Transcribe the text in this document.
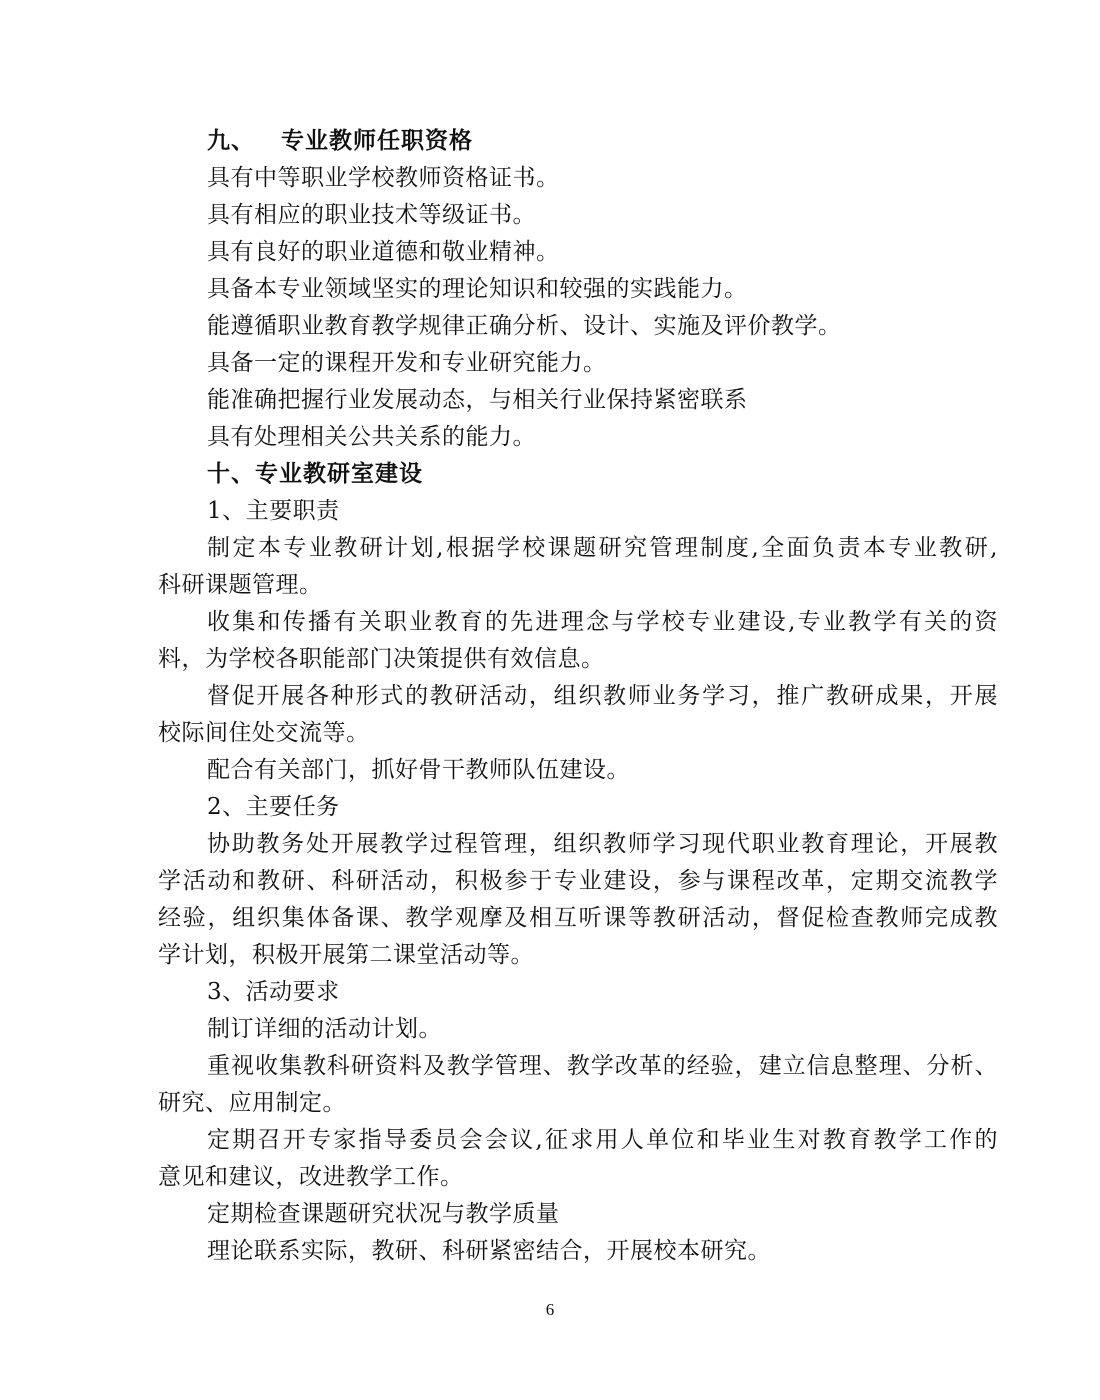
九、 专业教师任职资格
具有中等职业学校教师资格证书。
具有相应的职业技术等级证书。
具有良好的职业道德和敬业精神。
具备本专业领域坚实的理论知识和较强的实践能力。
能遵循职业教育教学规律正确分析、设计、实施及评价教学。
具备一定的课程开发和专业研究能力。
能准确把握行业发展动态，与相关行业保持紧密联系
具有处理相关公共关系的能力。
十、专业教研室建设
1、主要职责
制定本专业教研计划,根据学校课题研究管理制度,全面负责本专业教研,
科研课题管理。
收集和传播有关职业教育的先进理念与学校专业建设,专业教学有关的资
料，为学校各职能部门决策提供有效信息。
督促开展各种形式的教研活动，组织教师业务学习，推广教研成果，开展
校际间住处交流等。
配合有关部门，抓好骨干教师队伍建设。
2、主要任务
协助教务处开展教学过程管理，组织教师学习现代职业教育理论，开展教
学活动和教研、科研活动，积极参于专业建设，参与课程改革，定期交流教学
经验，组织集体备课、教学观摩及相互听课等教研活动，督促检查教师完成教
学计划，积极开展第二课堂活动等。
3、活动要求
制订详细的活动计划。
重视收集教科研资料及教学管理、教学改革的经验，建立信息整理、分析、
研究、应用制定。
定期召开专家指导委员会会议,征求用人单位和毕业生对教育教学工作的
意见和建议，改进教学工作。
定期检查课题研究状况与教学质量
理论联系实际，教研、科研紧密结合，开展校本研究。
6
